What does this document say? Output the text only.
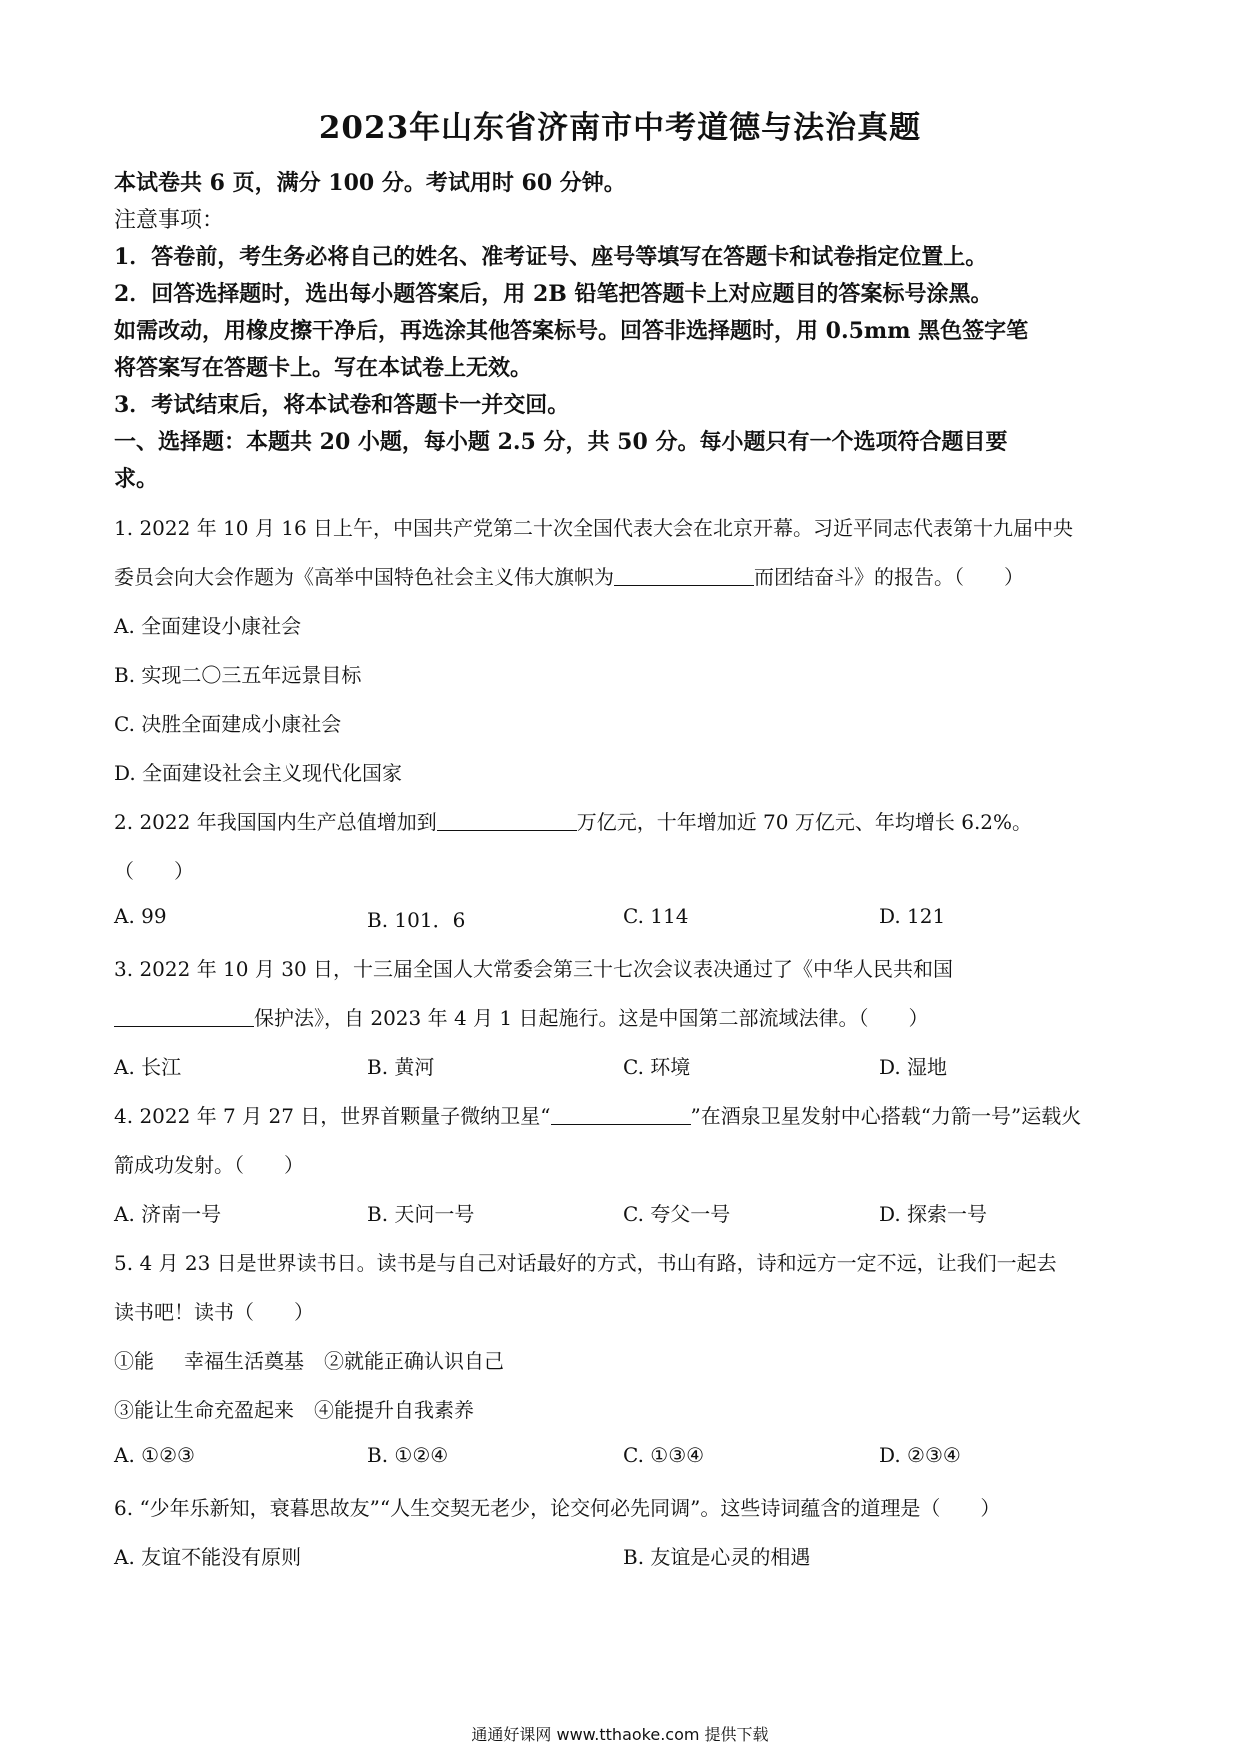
2023年山东省济南市中考道德与法治真题
本试卷共 6 页，满分 100 分。考试用时 60 分钟。
注意事项：
1．答卷前，考生务必将自己的姓名、准考证号、座号等填写在答题卡和试卷指定位置上。
2．回答选择题时，选出每小题答案后，用 2B 铅笔把答题卡上对应题目的答案标号涂黑。
如需改动，用橡皮擦干净后，再选涂其他答案标号。回答非选择题时，用 0.5mm 黑色签字笔
将答案写在答题卡上。写在本试卷上无效。
3．考试结束后，将本试卷和答题卡一并交回。
一、选择题：本题共 20 小题，每小题 2.5 分，共 50 分。每小题只有一个选项符合题目要
求。
1. 2022 年 10 月 16 日上午，中国共产党第二十次全国代表大会在北京开幕。习近平同志代表第十九届中央
委员会向大会作题为《高举中国特色社会主义伟大旗帜为	而团结奋斗》的报告。（　　）
A. 全面建设小康社会
B. 实现二〇三五年远景目标
C. 决胜全面建成小康社会
D. 全面建设社会主义现代化国家
2. 2022 年我国国内生产总值增加到	万亿元，十年增加近 70 万亿元、年均增长 6.2%。
（　　）
A. 99	B. 101．6	C. 114	D. 121
3. 2022 年 10 月 30 日，十三届全国人大常委会第三十七次会议表决通过了《中华人民共和国
保护法》，自 2023 年 4 月 1 日起施行。这是中国第二部流域法律。（　　）
A. 长江	B. 黄河	C. 环境	D. 湿地
4. 2022 年 7 月 27 日，世界首颗量子微纳卫星“	”在酒泉卫星发射中心搭载“力箭一号”运载火
箭成功发射。（　　）
A. 济南一号	B. 天问一号	C. 夸父一号	D. 探索一号
5. 4 月 23 日是世界读书日。读书是与自己对话最好的方式，书山有路，诗和远方一定不远，让我们一起去
读书吧！读书（　　）
①能 幸福生活奠基　 ②就能正确认识自己
③能让生命充盈起来　 ④能提升自我素养
A. ①②③	B. ①②④	C. ①③④	D. ②③④
6. “少年乐新知，衰暮思故友”“人生交契无老少，论交何必先同调”。这些诗词蕴含的道理是（　　）
A. 友谊不能没有原则	B. 友谊是心灵的相遇
通通好课网 www.tthaoke.com 提供下载
